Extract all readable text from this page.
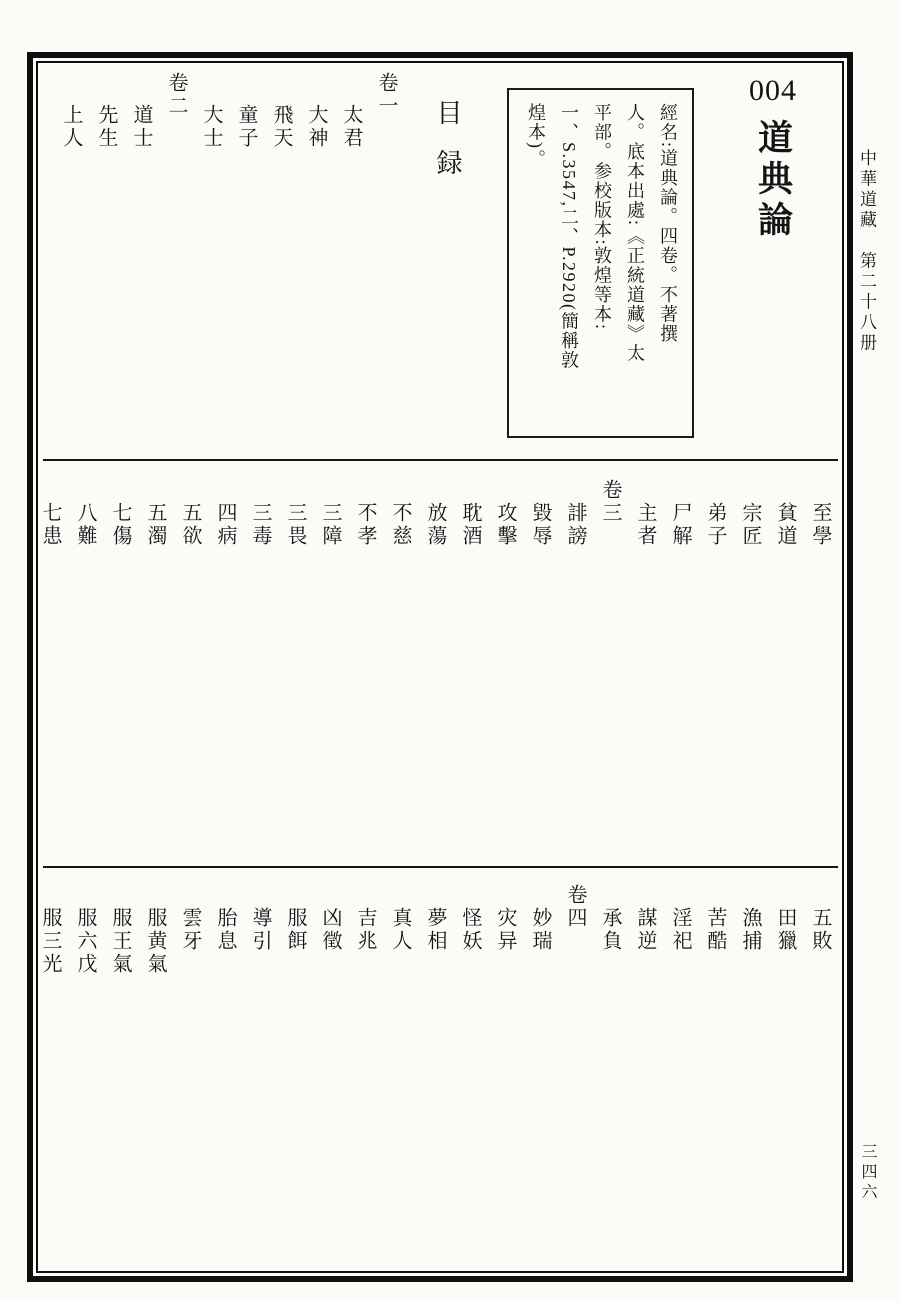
中華道藏　第二十八册
三四六
004
道典論
經名:道典論。四卷。不著撰
人。底本出處:《正統道藏》太
平部。参校版本:敦煌等本:
一、S.3547,二、P.2920(簡稱敦
煌本)。
目録
卷一
太君
大神
飛天
童子
大士
卷二
道士
先生
上人
至學
貧道
宗匠
弟子
尸解
主者
卷三
誹謗
毀辱
攻擊
耽酒
放蕩
不慈
不孝
三障
三畏
三毒
四病
五欲
五濁
七傷
八難
七患
五敗
田獵
漁捕
苦酷
淫祀
謀逆
承負
卷四
妙瑞
灾异
怪妖
夢相
真人
吉兆
凶徵
服餌
導引
胎息
雲牙
服黄氣
服王氣
服六戊
服三光
